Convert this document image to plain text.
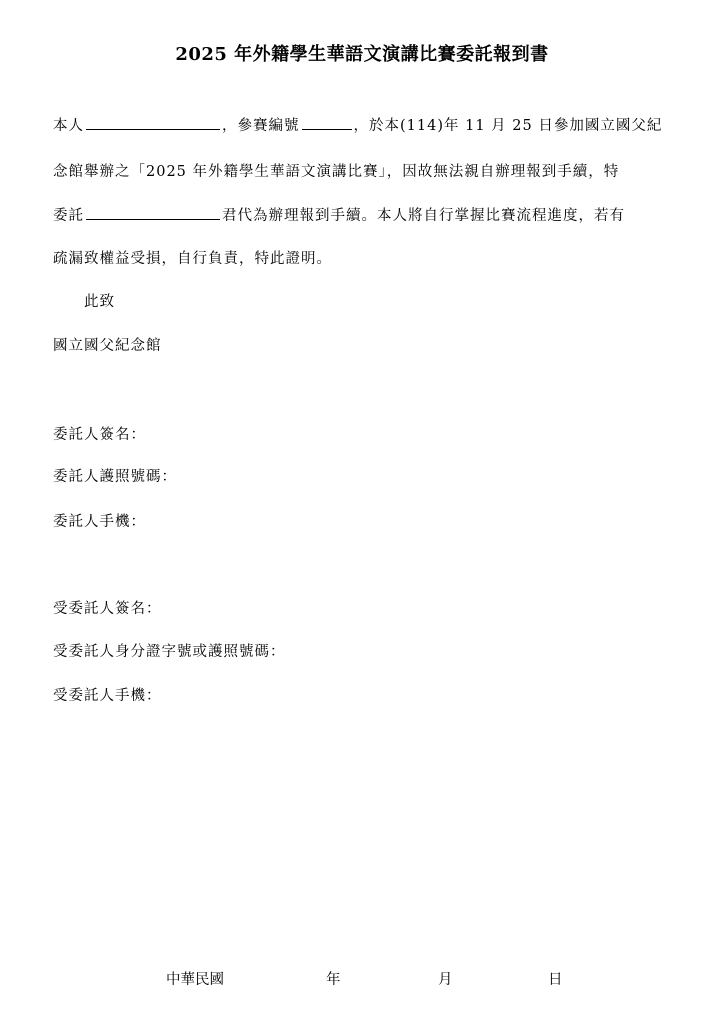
2025 年外籍學生華語文演講比賽委託報到書
本人	，參賽編號	，於本(114)年 11 月 25 日參加國立國父紀
念館舉辦之「2025 年外籍學生華語文演講比賽」，因故無法親自辦理報到手續，特
委託	君代為辦理報到手續。本人將自行掌握比賽流程進度，若有
疏漏致權益受損，自行負責，特此證明。
此致
國立國父紀念館
委託人簽名：
委託人護照號碼：
委託人手機：
受委託人簽名：
受委託人身分證字號或護照號碼：
受委託人手機：
中華民國	年	月	日
